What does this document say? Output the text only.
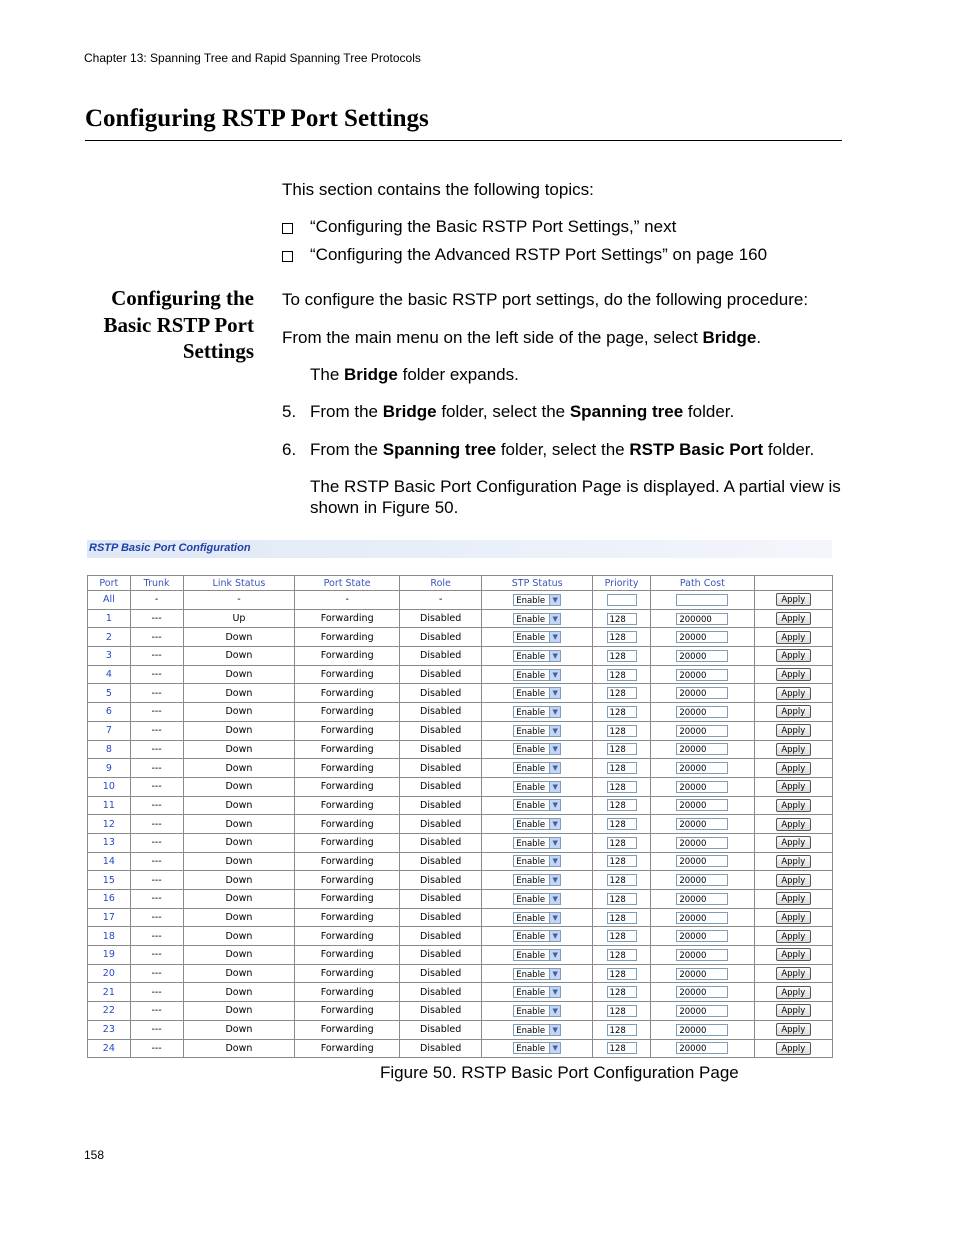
Chapter 13: Spanning Tree and Rapid Spanning Tree Protocols
Configuring RSTP Port Settings
This section contains the following topics:
“Configuring the Basic RSTP Port Settings,” next
“Configuring the Advanced RSTP Port Settings” on page 160
Configuring the
Basic RSTP Port
Settings
To configure the basic RSTP port settings, do the following procedure:
From the main menu on the left side of the page, select Bridge.
The Bridge folder expands.
5. From the Bridge folder, select the Spanning tree folder.
6. From the Spanning tree folder, select the RSTP Basic Port folder.
The RSTP Basic Port Configuration Page is displayed. A partial view is
shown in Figure 50.
RSTP Basic Port Configuration
Port	Trunk	Link Status	Port State	Role	STP Status	Priority	Path Cost	
All	-	-	-	-	Enable ▼			Apply
1	---	Up	Forwarding	Disabled	Enable ▼	128	200000	Apply
2	---	Down	Forwarding	Disabled	Enable ▼	128	20000	Apply
3	---	Down	Forwarding	Disabled	Enable ▼	128	20000	Apply
4	---	Down	Forwarding	Disabled	Enable ▼	128	20000	Apply
5	---	Down	Forwarding	Disabled	Enable ▼	128	20000	Apply
6	---	Down	Forwarding	Disabled	Enable ▼	128	20000	Apply
7	---	Down	Forwarding	Disabled	Enable ▼	128	20000	Apply
8	---	Down	Forwarding	Disabled	Enable ▼	128	20000	Apply
9	---	Down	Forwarding	Disabled	Enable ▼	128	20000	Apply
10	---	Down	Forwarding	Disabled	Enable ▼	128	20000	Apply
11	---	Down	Forwarding	Disabled	Enable ▼	128	20000	Apply
12	---	Down	Forwarding	Disabled	Enable ▼	128	20000	Apply
13	---	Down	Forwarding	Disabled	Enable ▼	128	20000	Apply
14	---	Down	Forwarding	Disabled	Enable ▼	128	20000	Apply
15	---	Down	Forwarding	Disabled	Enable ▼	128	20000	Apply
16	---	Down	Forwarding	Disabled	Enable ▼	128	20000	Apply
17	---	Down	Forwarding	Disabled	Enable ▼	128	20000	Apply
18	---	Down	Forwarding	Disabled	Enable ▼	128	20000	Apply
19	---	Down	Forwarding	Disabled	Enable ▼	128	20000	Apply
20	---	Down	Forwarding	Disabled	Enable ▼	128	20000	Apply
21	---	Down	Forwarding	Disabled	Enable ▼	128	20000	Apply
22	---	Down	Forwarding	Disabled	Enable ▼	128	20000	Apply
23	---	Down	Forwarding	Disabled	Enable ▼	128	20000	Apply
24	---	Down	Forwarding	Disabled	Enable ▼	128	20000	Apply
Figure 50. RSTP Basic Port Configuration Page
158
